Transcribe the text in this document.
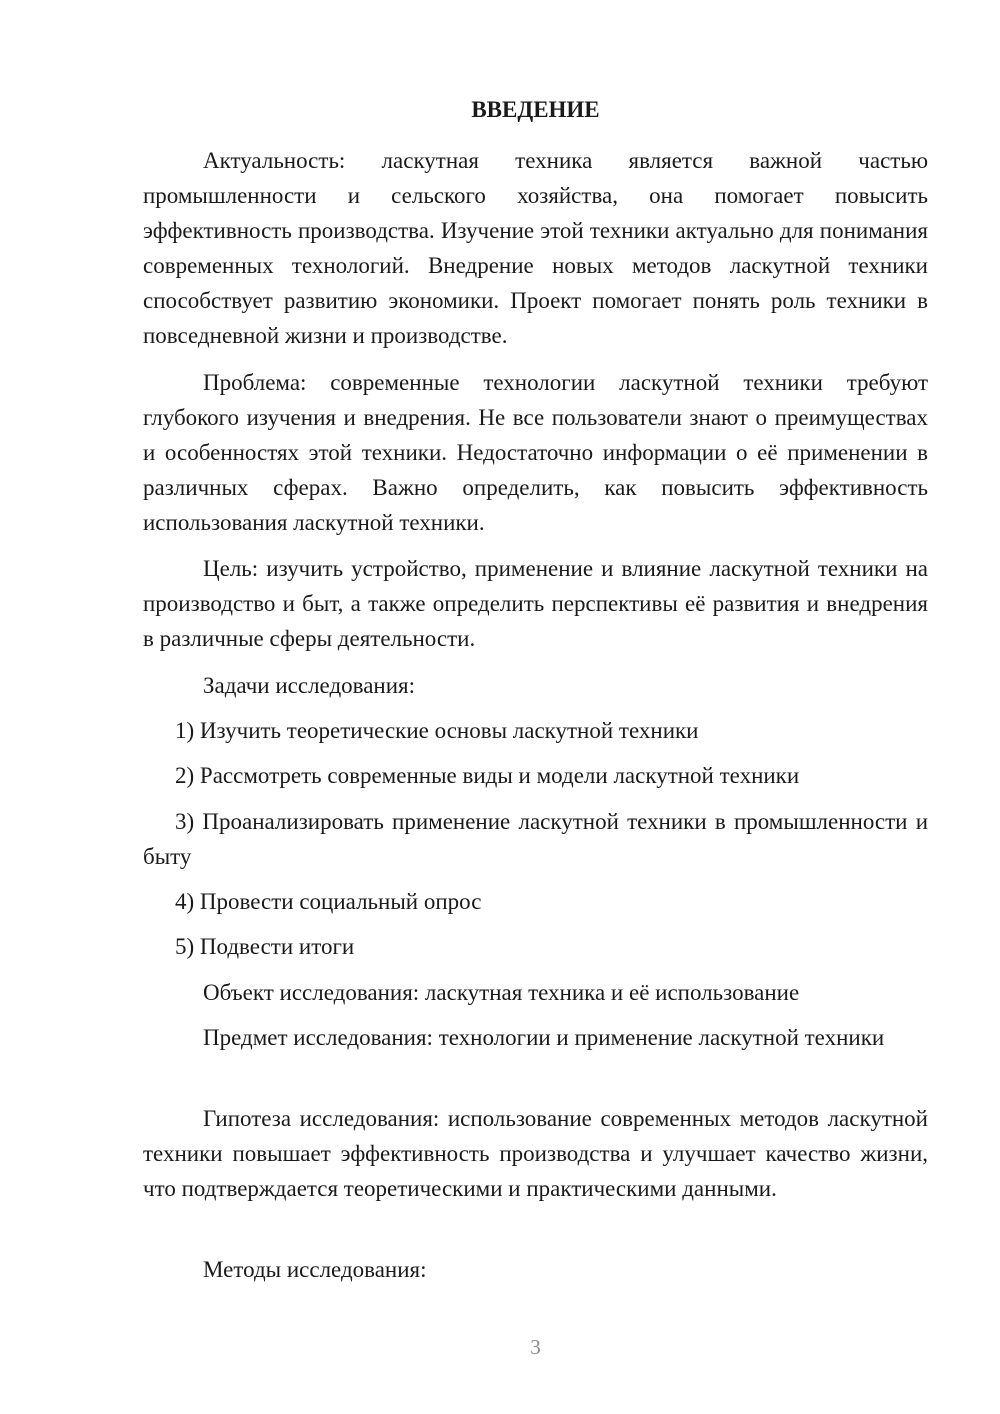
ВВЕДЕНИЕ

Актуальность: ласкутная техника является важной частью промышленности и сельского хозяйства, она помогает повысить эффективность производства. Изучение этой техники актуально для понимания современных технологий. Внедрение новых методов ласкутной техники способствует развитию экономики. Проект помогает понять роль техники в повседневной жизни и производстве.

Проблема: современные технологии ласкутной техники требуют глубокого изучения и внедрения. Не все пользователи знают о преимуществах и особенностях этой техники. Недостаточно информации о её применении в различных сферах. Важно определить, как повысить эффективность использования ласкутной техники.

Цель: изучить устройство, применение и влияние ласкутной техники на производство и быт, а также определить перспективы её развития и внедрения в различные сферы деятельности.

Задачи исследования:

1) Изучить теоретические основы ласкутной техники

2) Рассмотреть современные виды и модели ласкутной техники

3) Проанализировать применение ласкутной техники в промышленности и быту

4) Провести социальный опрос

5) Подвести итоги

Объект исследования: ласкутная техника и её использование

Предмет исследования: технологии и применение ласкутной техники

Гипотеза исследования: использование современных методов ласкутной техники повышает эффективность производства и улучшает качество жизни, что подтверждается теоретическими и практическими данными.

Методы исследования:

3
